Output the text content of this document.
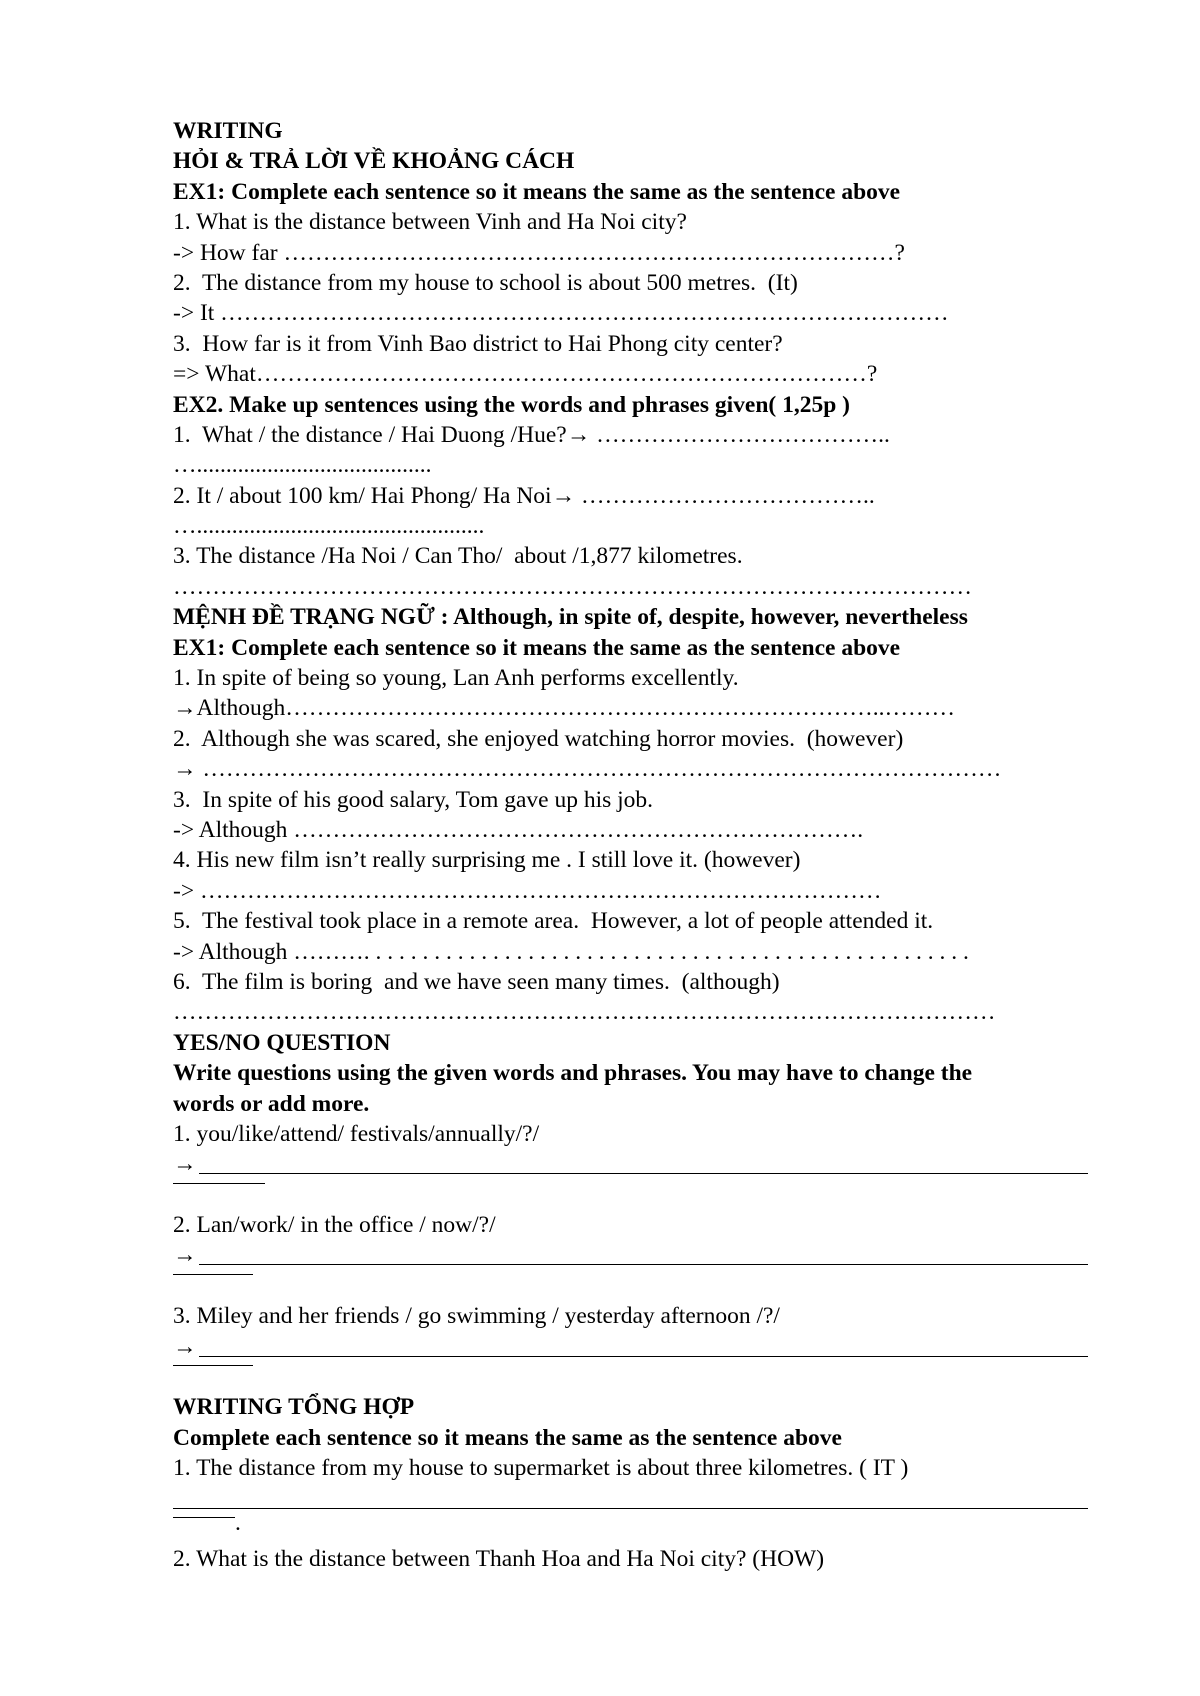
WRITING
HỎI & TRẢ LỜI VỀ KHOẢNG CÁCH
EX1: Complete each sentence so it means the same as the sentence above
1. What is the distance between Vinh and Ha Noi city?
-> How far ……………………………………………………………………?
2.  The distance from my house to school is about 500 metres.  (It)
-> It …………………………………………………………………………………
3.  How far is it from Vinh Bao district to Hai Phong city center?
=> What……………………………………………………………………?
EX2. Make up sentences using the words and phrases given( 1,25p )
1.  What / the distance / Hai Duong /Hue?→ ………………………………..
…........................................
2. It / about 100 km/ Hai Phong/ Ha Noi→ ………………………………..
….................................................
3. The distance /Ha Noi / Can Tho/  about /1,877 kilometres.
…………………………………………………………………………………………
MỆNH ĐỀ TRẠNG NGỮ : Although, in spite of, despite, however, nevertheless
EX1: Complete each sentence so it means the same as the sentence above
1. In spite of being so young, Lan Anh performs excellently.
→Although…………………………………………………………………..………
2.  Although she was scared, she enjoyed watching horror movies.  (however)
→ …………………………………………………………………………………………
3.  In spite of his good salary, Tom gave up his job.
-> Although ……………………………………………………………….
4. His new film isn’t really surprising me . I still love it. (however)
-> ……………………………………………………………………………
5.  The festival took place in a remote area.  However, a lot of people attended it.
-> Although ………. . . . . . . . . . . . . . . . . . . . . . . . . . . . . . . . . . . . . . . . . . . . . . . . . . . .
6.  The film is boring  and we have seen many times.  (although)
……………………………………………………………………………………………
YES/NO QUESTION
Write questions using the given words and phrases. You may have to change the
words or add more.
1. you/like/attend/ festivals/annually/?/
→
2. Lan/work/ in the office / now/?/
→
3. Miley and her friends / go swimming / yesterday afternoon /?/
→
WRITING TỔNG HỢP
Complete each sentence so it means the same as the sentence above
1. The distance from my house to supermarket is about three kilometres. ( IT )
.
2. What is the distance between Thanh Hoa and Ha Noi city? (HOW)
